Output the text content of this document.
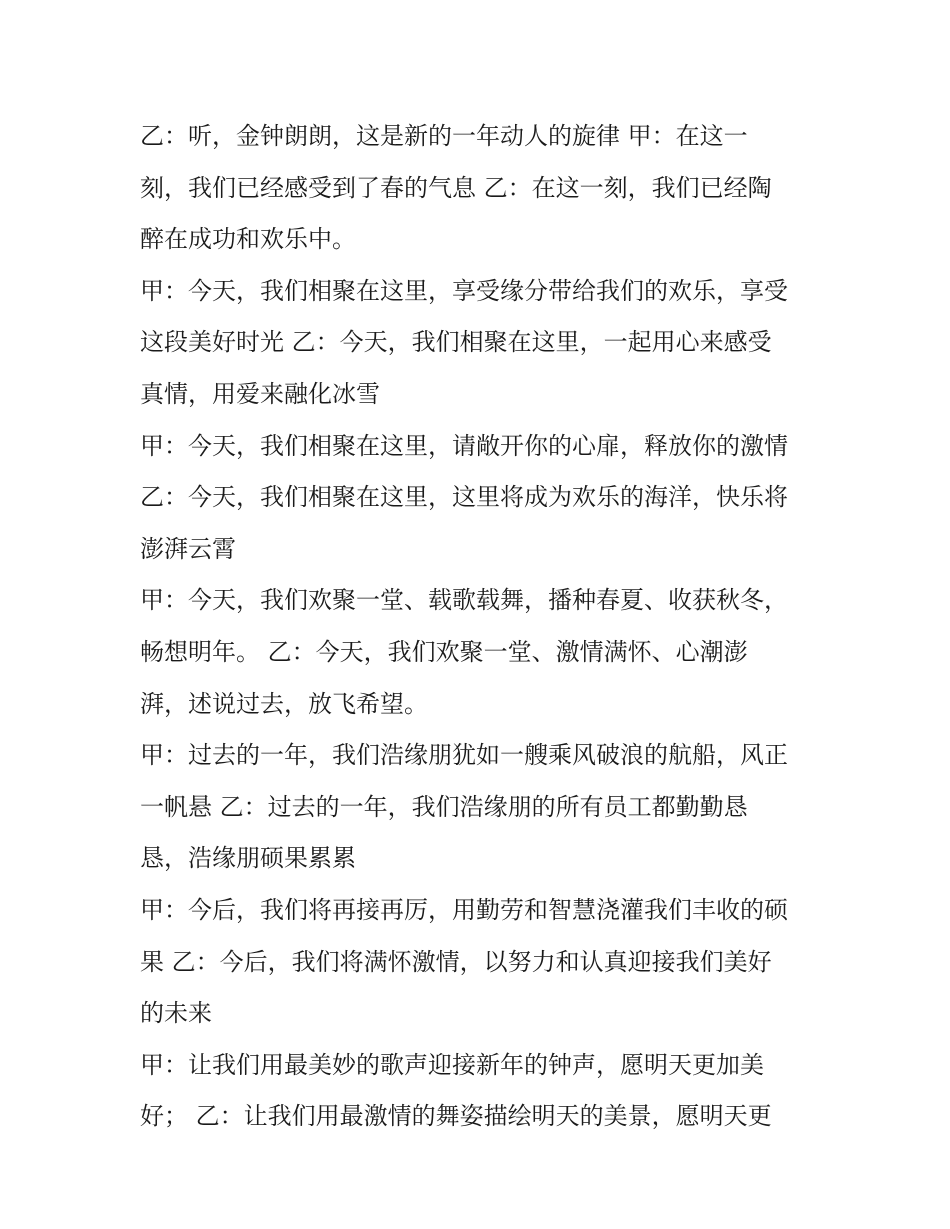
乙：听，金钟朗朗，这是新的一年动人的旋律 甲：在这一
刻，我们已经感受到了春的气息 乙：在这一刻，我们已经陶
醉在成功和欢乐中。
甲：今天，我们相聚在这里，享受缘分带给我们的欢乐，享受
这段美好时光 乙：今天，我们相聚在这里，一起用心来感受
真情，用爱来融化冰雪
甲：今天，我们相聚在这里，请敞开你的心扉，释放你的激情
乙：今天，我们相聚在这里，这里将成为欢乐的海洋，快乐将
澎湃云霄
甲：今天，我们欢聚一堂、载歌载舞，播种春夏、收获秋冬，
畅想明年。 乙：今天，我们欢聚一堂、激情满怀、心潮澎
湃，述说过去，放飞希望。
甲：过去的一年，我们浩缘朋犹如一艘乘风破浪的航船，风正
一帆悬 乙：过去的一年，我们浩缘朋的所有员工都勤勤恳
恳，浩缘朋硕果累累
甲：今后，我们将再接再厉，用勤劳和智慧浇灌我们丰收的硕
果 乙：今后，我们将满怀激情，以努力和认真迎接我们美好
的未来
甲：让我们用最美妙的歌声迎接新年的钟声，愿明天更加美
好； 乙：让我们用最激情的舞姿描绘明天的美景，愿明天更
